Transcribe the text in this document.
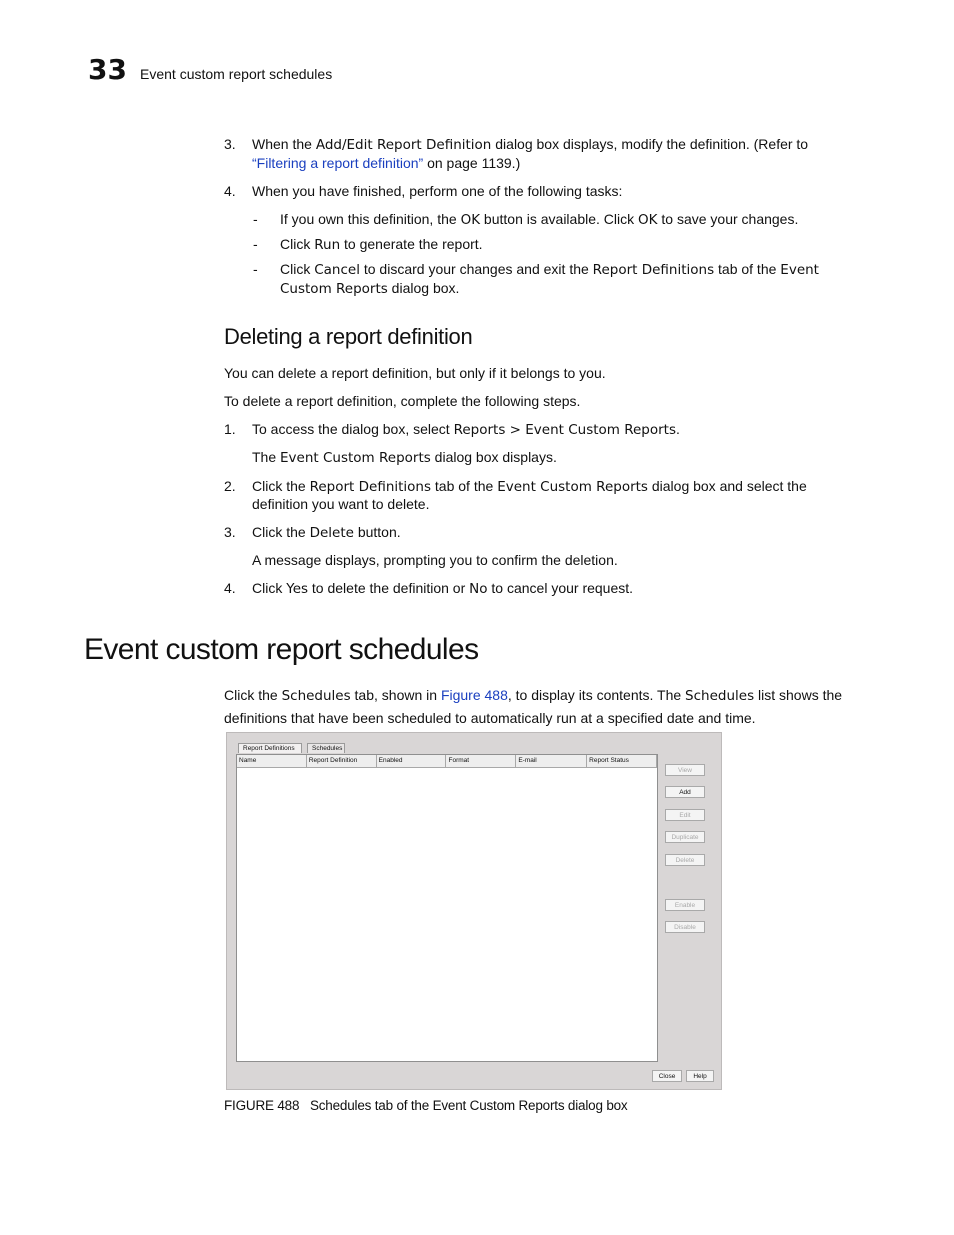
33 Event custom report schedules
3. When the Add/Edit Report Definition dialog box displays, modify the definition. (Refer to
“Filtering a report definition” on page 1139.)
4. When you have finished, perform one of the following tasks:
- If you own this definition, the OK button is available. Click OK to save your changes.
- Click Run to generate the report.
- Click Cancel to discard your changes and exit the Report Definitions tab of the Event
Custom Reports dialog box.
Deleting a report definition
You can delete a report definition, but only if it belongs to you.
To delete a report definition, complete the following steps.
1. To access the dialog box, select Reports > Event Custom Reports.
The Event Custom Reports dialog box displays.
2. Click the Report Definitions tab of the Event Custom Reports dialog box and select the
definition you want to delete.
3. Click the Delete button.
A message displays, prompting you to confirm the deletion.
4. Click Yes to delete the definition or No to cancel your request.
Event custom report schedules
Click the Schedules tab, shown in Figure 488, to display its contents. The Schedules list shows the
definitions that have been scheduled to automatically run at a specified date and time.
Report Definitions	Schedules
Name	Report Definition	Enabled	Format	E-mail	Report Status
View
Add
Edit
Duplicate
Delete
Enable
Disable
Close	Help
FIGURE 488 Schedules tab of the Event Custom Reports dialog box
